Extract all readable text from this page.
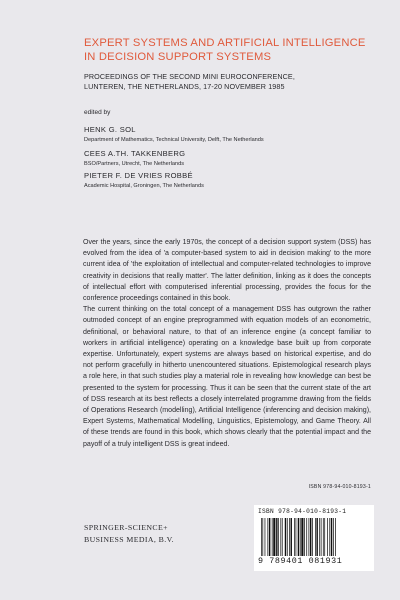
EXPERT SYSTEMS AND ARTIFICIAL INTELLIGENCE
IN DECISION SUPPORT SYSTEMS
PROCEEDINGS OF THE SECOND MINI EUROCONFERENCE,
LUNTEREN, THE NETHERLANDS, 17-20 NOVEMBER 1985
edited by
HENK G. SOL
Department of Mathematics, Technical University, Delft, The Netherlands
CEES A.TH. TAKKENBERG
BSO/Partners, Utrecht, The Netherlands
PIETER F. DE VRIES ROBBÉ
Academic Hospital, Groningen, The Netherlands

Over the years, since the early 1970s, the concept of a decision support system (DSS) has evolved from the idea of 'a computer-based system to aid in decision making' to the more current idea of 'the exploitation of intellectual and computer-related technologies to improve creativity in decisions that really matter'. The latter definition, linking as it does the concepts of intellectual effort with computerised inferential processing, provides the focus for the conference proceedings contained in this book.

The current thinking on the total concept of a management DSS has outgrown the rather outmoded concept of an engine preprogrammed with equation models of an econometric, definitional, or behavioral nature, to that of an inference engine (a concept familiar to workers in artificial intelligence) operating on a knowledge base built up from corporate expertise. Unfortunately, expert systems are always based on historical expertise, and do not perform gracefully in hitherto unencountered situations. Epistemological research plays a role here, in that such studies play a material role in revealing how knowledge can best be presented to the system for processing. Thus it can be seen that the current state of the art of DSS research at its best reflects a closely interrelated programme drawing from the fields of Operations Research (modelling), Artificial Intelligence (inferencing and decision making), Expert Systems, Mathematical Modelling, Linguistics, Epistemology, and Game Theory. All of these trends are found in this book, which shows clearly that the potential impact and the payoff of a truly intelligent DSS is great indeed.

ISBN 978-94-010-8193-1
SPRINGER-SCIENCE+
BUSINESS MEDIA, B.V.
ISBN 978-94-010-8193-1
9 789401 081931
